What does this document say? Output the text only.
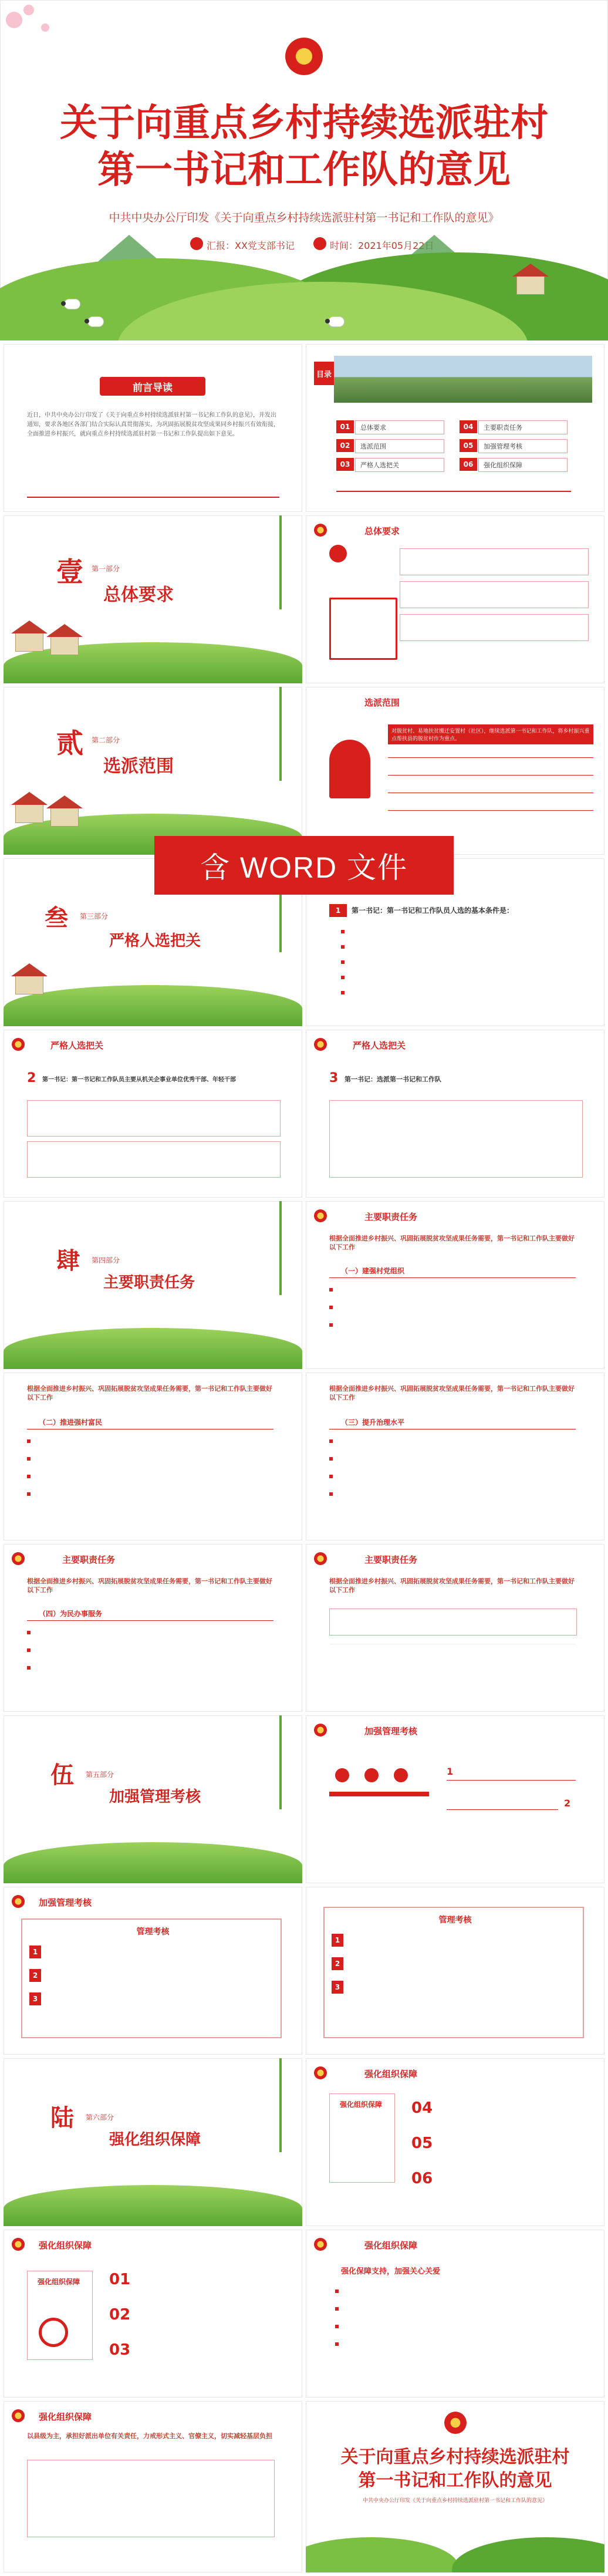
关于向重点乡村持续选派驻村
第一书记和工作队的意见
中共中央办公厅印发《关于向重点乡村持续选派驻村第一书记和工作队的意见》
汇报：XX党支部书记	时间：2021年05月22日
前言导读
近日，中共中央办公厅印发了《关于向重点乡村持续选派驻村第一书记和工作队的意见》，并发出通知，要求各地区各部门结合实际认真贯彻落实。为巩固拓展脱贫攻坚成果同乡村振兴有效衔接，全面推进乡村振兴，就向重点乡村持续选派驻村第一书记和工作队提出如下意见。
目录
01	总体要求
02	选派范围
03	严格人选把关
04	主要职责任务
05	加强管理考核
06	强化组织保障
壹 第一部分
总体要求
总体要求
贰 第二部分
选派范围
选派范围
对脱贫村、易地扶贫搬迁安置村（社区），继续选派第一书记和工作队，将乡村振兴重点帮扶县的脱贫村作为重点。
含 WORD 文件
叁 第三部分
严格人选把关
1	第一书记：第一书记和工作队员人选的基本条件是：
严格人选把关
2 第一书记：第一书记和工作队员主要从机关企事业单位优秀干部、年轻干部
严格人选把关
3 第一书记：选派第一书记和工作队
肆 第四部分
主要职责任务
主要职责任务
根据全面推进乡村振兴、巩固拓展脱贫攻坚成果任务需要，第一书记和工作队主要做好以下工作
（一）建强村党组织
根据全面推进乡村振兴、巩固拓展脱贫攻坚成果任务需要，第一书记和工作队主要做好以下工作
（二）推进强村富民
根据全面推进乡村振兴、巩固拓展脱贫攻坚成果任务需要，第一书记和工作队主要做好以下工作
（三）提升治理水平
主要职责任务
根据全面推进乡村振兴、巩固拓展脱贫攻坚成果任务需要，第一书记和工作队主要做好以下工作
（四）为民办事服务
主要职责任务
根据全面推进乡村振兴、巩固拓展脱贫攻坚成果任务需要，第一书记和工作队主要做好以下工作
伍 第五部分
加强管理考核
加强管理考核
1
2
加强管理考核
管理考核
1
2
3
管理考核
1
2
3
陆 第六部分
强化组织保障
强化组织保障
强化组织保障	04
05
06
强化组织保障
强化组织保障	01
02
03
强化组织保障
强化保障支持，加强关心关爱
强化组织保障
以县级为主，承担好派出单位有关责任，力戒形式主义、官僚主义，切实减轻基层负担
关于向重点乡村持续选派驻村
第一书记和工作队的意见
中共中央办公厅印发《关于向重点乡村持续选派驻村第一书记和工作队的意见》
